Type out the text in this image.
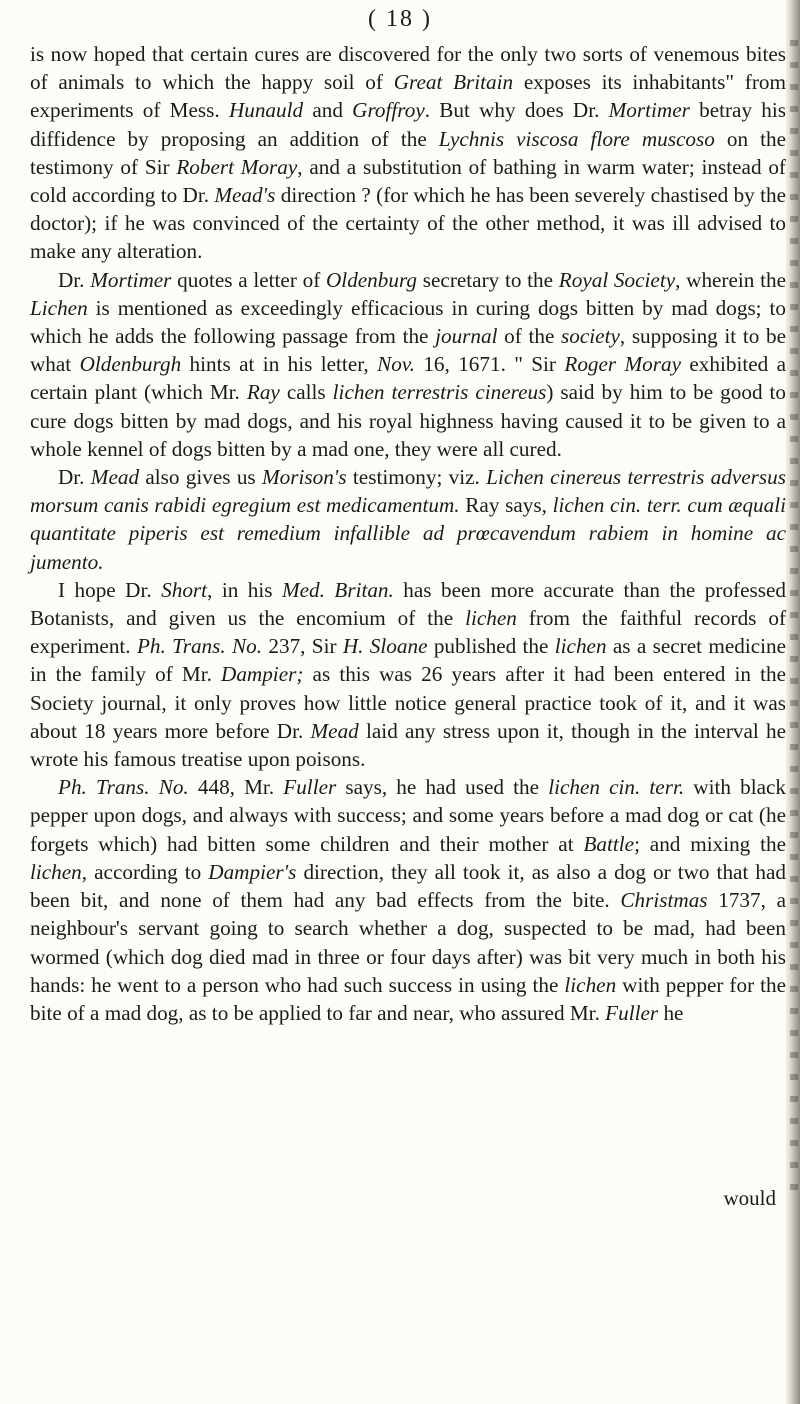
( 18 )

is now hoped that certain cures are discovered for the only two sorts of venemous bites of animals to which the happy soil of Great Britain exposes its inhabitants" from experiments of Mess. Hunauld and Groffroy. But why does Dr. Mortimer betray his diffidence by proposing an addition of the Lychnis viscosa flore muscoso on the testimony of Sir Robert Moray, and a substitution of bathing in warm water; instead of cold according to Dr. Mead's direction ? (for which he has been severely chastised by the doctor); if he was convinced of the certainty of the other method, it was ill advised to make any alteration.

Dr. Mortimer quotes a letter of Oldenburg secretary to the Royal Society, wherein the Lichen is mentioned as exceedingly efficacious in curing dogs bitten by mad dogs; to which he adds the following passage from the journal of the society, supposing it to be what Oldenburgh hints at in his letter, Nov. 16, 1671. " Sir Roger Moray exhibited a certain plant (which Mr. Ray calls lichen terrestris cinereus) said by him to be good to cure dogs bitten by mad dogs, and his royal highness having caused it to be given to a whole kennel of dogs bitten by a mad one, they were all cured.

Dr. Mead also gives us Morison's testimony; viz. Lichen cinereus terrestris adversus morsum canis rabidi egregium est medicamentum. Ray says, lichen cin. terr. cum æquali quantitate piperis est remedium infallible ad prœcavendum rabiem in homine ac jumento.

I hope Dr. Short, in his Med. Britan. has been more accurate than the professed Botanists, and given us the encomium of the lichen from the faithful records of experiment. Ph. Trans. No. 237, Sir H. Sloane published the lichen as a secret medicine in the family of Mr. Dampier; as this was 26 years after it had been entered in the Society journal, it only proves how little notice general practice took of it, and it was about 18 years more before Dr. Mead laid any stress upon it, though in the interval he wrote his famous treatise upon poisons.

Ph. Trans. No. 448, Mr. Fuller says, he had used the lichen cin. terr. with black pepper upon dogs, and always with success; and some years before a mad dog or cat (he forgets which) had bitten some children and their mother at Battle; and mixing the lichen, according to Dampier's direction, they all took it, as also a dog or two that had been bit, and none of them had any bad effects from the bite. Christmas 1737, a neighbour's servant going to search whether a dog, suspected to be mad, had been wormed (which dog died mad in three or four days after) was bit very much in both his hands: he went to a person who had such success in using the lichen with pepper for the bite of a mad dog, as to be applied to far and near, who assured Mr. Fuller he

would
